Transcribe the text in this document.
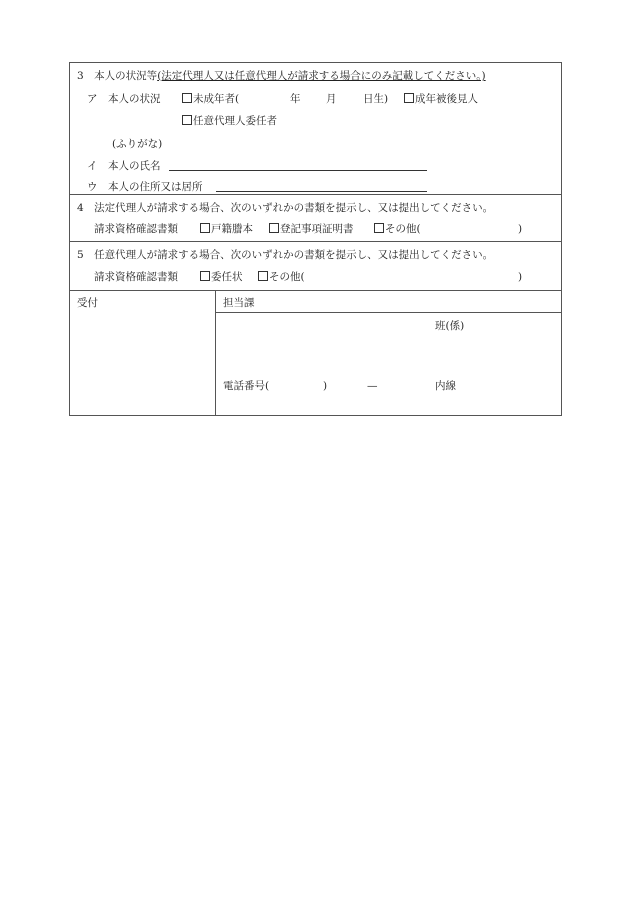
3　本人の状況等(法定代理人又は任意代理人が請求する場合にのみ記載してください。)
ア　本人の状況	未成年者(	年 月	日生)	成年被後見人
任意代理人委任者
(ふりがな)
イ　本人の氏名
ウ　本人の住所又は居所
4　法定代理人が請求する場合、次のいずれかの書類を提示し、又は提出してください。
請求資格確認書類	戸籍謄本	登記事項証明書	その他(	)
5　任意代理人が請求する場合、次のいずれかの書類を提示し、又は提出してください。
請求資格確認書類	委任状	その他(	)
受付	担当課
班(係)
電話番号(	)	—	内線
